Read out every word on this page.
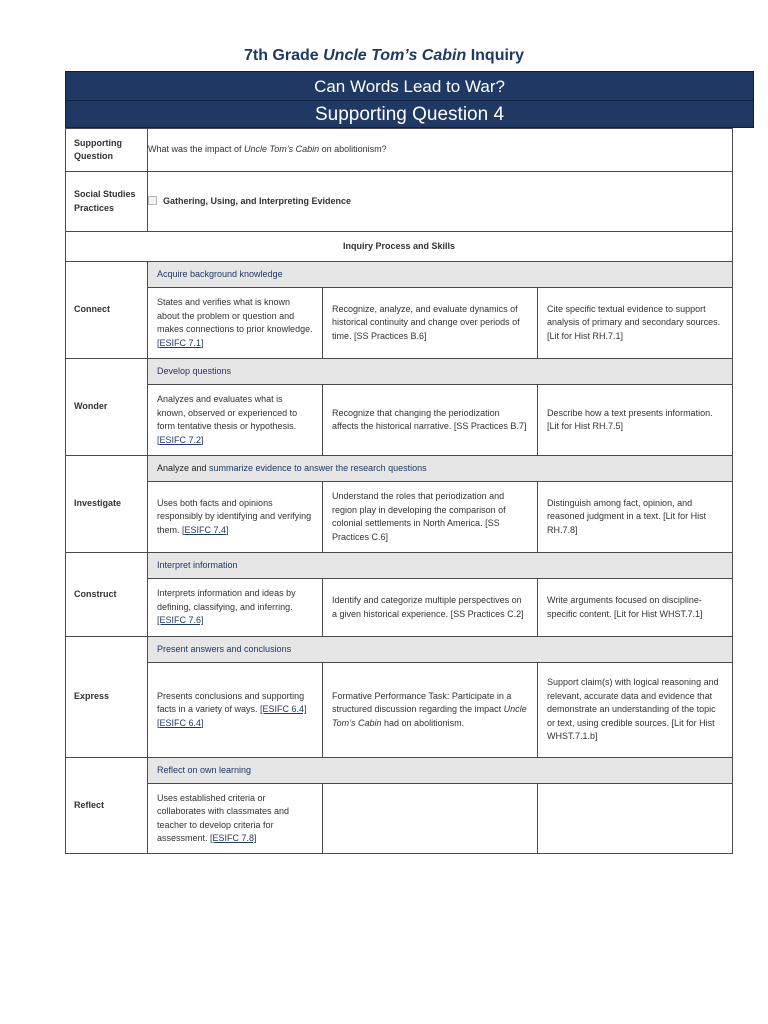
7th Grade Uncle Tom’s Cabin Inquiry
Can Words Lead to War?
Supporting Question 4
Supporting Question	What was the impact of Uncle Tom’s Cabin on abolitionism?		
Social Studies Practices	Gathering, Using, and Interpreting Evidence		
Inquiry Process and Skills			
Connect	Acquire background knowledge		

	States and verifies what is known about the problem or question and makes connections to prior knowledge. [ESIFC 7.1]	Recognize, analyze, and evaluate dynamics of historical continuity and change over periods of time. [SS Practices B.6]	Cite specific textual evidence to support analysis of primary and secondary sources. [Lit for Hist RH.7.1]

Wonder	Develop questions		

	Analyzes and evaluates what is known, observed or experienced to form tentative thesis or hypothesis. [ESIFC 7.2]	Recognize that changing the periodization affects the historical narrative. [SS Practices B.7]	Describe how a text presents information. [Lit for Hist RH.7.5]

Investigate	Analyze and summarize evidence to answer the research questions		

	Uses both facts and opinions responsibly by identifying and verifying them. [ESIFC 7.4]	Understand the roles that periodization and region play in developing the comparison of colonial settlements in North America. [SS Practices C.6]	Distinguish among fact, opinion, and reasoned judgment in a text. [Lit for Hist RH.7.8]

Construct	Interpret information		

	Interprets information and ideas by defining, classifying, and inferring. [ESIFC 7.6]	Identify and categorize multiple perspectives on a given historical experience. [SS Practices C.2]	Write arguments focused on discipline-specific content. [Lit for Hist WHST.7.1]

Express	Present answers and conclusions		

	Presents conclusions and supporting facts in a variety of ways. [ESIFC 6.4][ESIFC 6.4]	Formative Performance Task: Participate in a structured discussion regarding the impact Uncle Tom’s Cabin had on abolitionism.	Support claim(s) with logical reasoning and relevant, accurate data and evidence that demonstrate an understanding of the topic or text, using credible sources. [Lit for Hist WHST.7.1.b]

Reflect	Reflect on own learning		

	Uses established criteria or collaborates with classmates and teacher to develop criteria for assessment. [ESIFC 7.8]		
